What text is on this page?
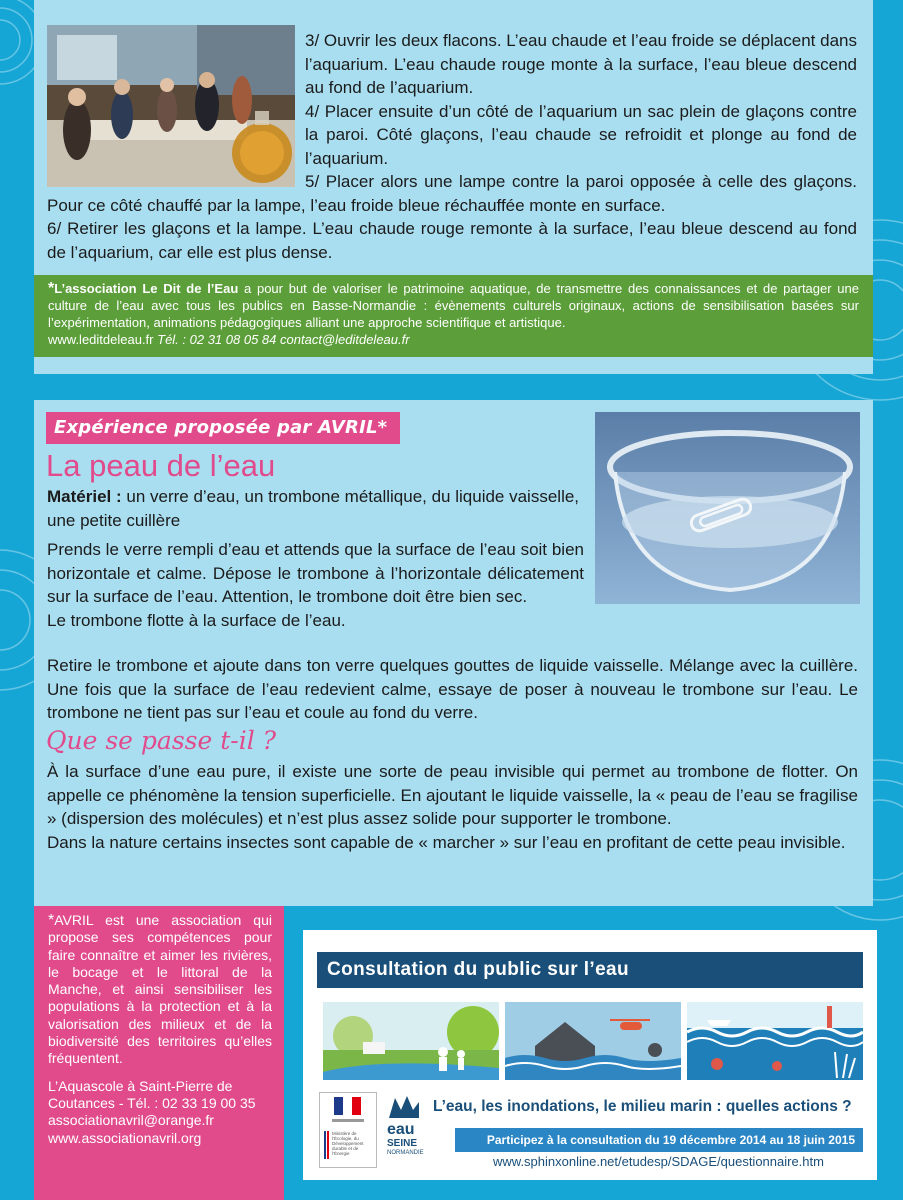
3/ Ouvrir les deux flacons. L’eau chaude et l’eau froide se déplacent dans l’aquarium. L’eau chaude rouge monte à la surface, l’eau bleue descend au fond de l’aquarium.

4/ Placer ensuite d’un côté de l’aquarium un sac plein de glaçons contre la paroi. Côté glaçons, l’eau chaude se refroidit et plonge au fond de l’aquarium.

5/ Placer alors une lampe contre la paroi opposée à celle des glaçons. Pour ce côté chauffé par la lampe, l’eau froide bleue réchauffée monte en surface.

6/ Retirer les glaçons et la lampe. L’eau chaude rouge remonte à la surface, l’eau bleue descend au fond de l’aquarium, car elle est plus dense.

*L’association Le Dit de l’Eau a pour but de valoriser le patrimoine aquatique, de transmettre des connaissances et de partager une culture de l’eau avec tous les publics en Basse-Normandie : évènements culturels originaux, actions de sensibilisation basées sur l’expérimentation, animations pédagogiques alliant une approche scientifique et artistique.

www.leditdeleau.fr Tél. : 02 31 08 05 84 contact@leditdeleau.fr

Expérience proposée par AVRIL*
La peau de l’eau

Matériel : un verre d’eau, un trombone métallique, du liquide vaisselle, une petite cuillère

Prends le verre rempli d’eau et attends que la surface de l’eau soit bien horizontale et calme. Dépose le trombone à l’horizontale délicatement sur la surface de l’eau. Attention, le trombone doit être bien sec.

Le trombone flotte à la surface de l’eau.

Retire le trombone et ajoute dans ton verre quelques gouttes de liquide vaisselle. Mélange avec la cuillère. Une fois que la surface de l’eau redevient calme, essaye de poser à nouveau le trombone sur l’eau. Le trombone ne tient pas sur l’eau et coule au fond du verre.

Que se passe t-il ?

À la surface d’une eau pure, il existe une sorte de peau invisible qui permet au trombone de flotter. On appelle ce phénomène la tension superficielle. En ajoutant le liquide vaisselle, la « peau de l’eau se fragilise » (dispersion des molécules) et n’est plus assez solide pour supporter le trombone.

Dans la nature certains insectes sont capable de « marcher » sur l’eau en profitant de cette peau invisible.

*AVRIL est une association qui propose ses compétences pour faire connaître et aimer les rivières, le bocage et le littoral de la Manche, et ainsi sensibiliser les populations à la protection et à la valorisation des milieux et de la biodiversité des territoires qu’elles fréquentent.

L’Aquascole à Saint-Pierre de Coutances - Tél. : 02 33 19 00 35

associationavril@orange.fr

www.associationavril.org

Consultation du public sur l’eau
Ministère de l’Écologie, du Développement durable et de l’Énergie
eau
SEINE
NORMANDIE
L’eau, les inondations, le milieu marin : quelles actions ?
Participez à la consultation du 19 décembre 2014 au 18 juin 2015
www.sphinxonline.net/etudesp/SDAGE/questionnaire.htm
